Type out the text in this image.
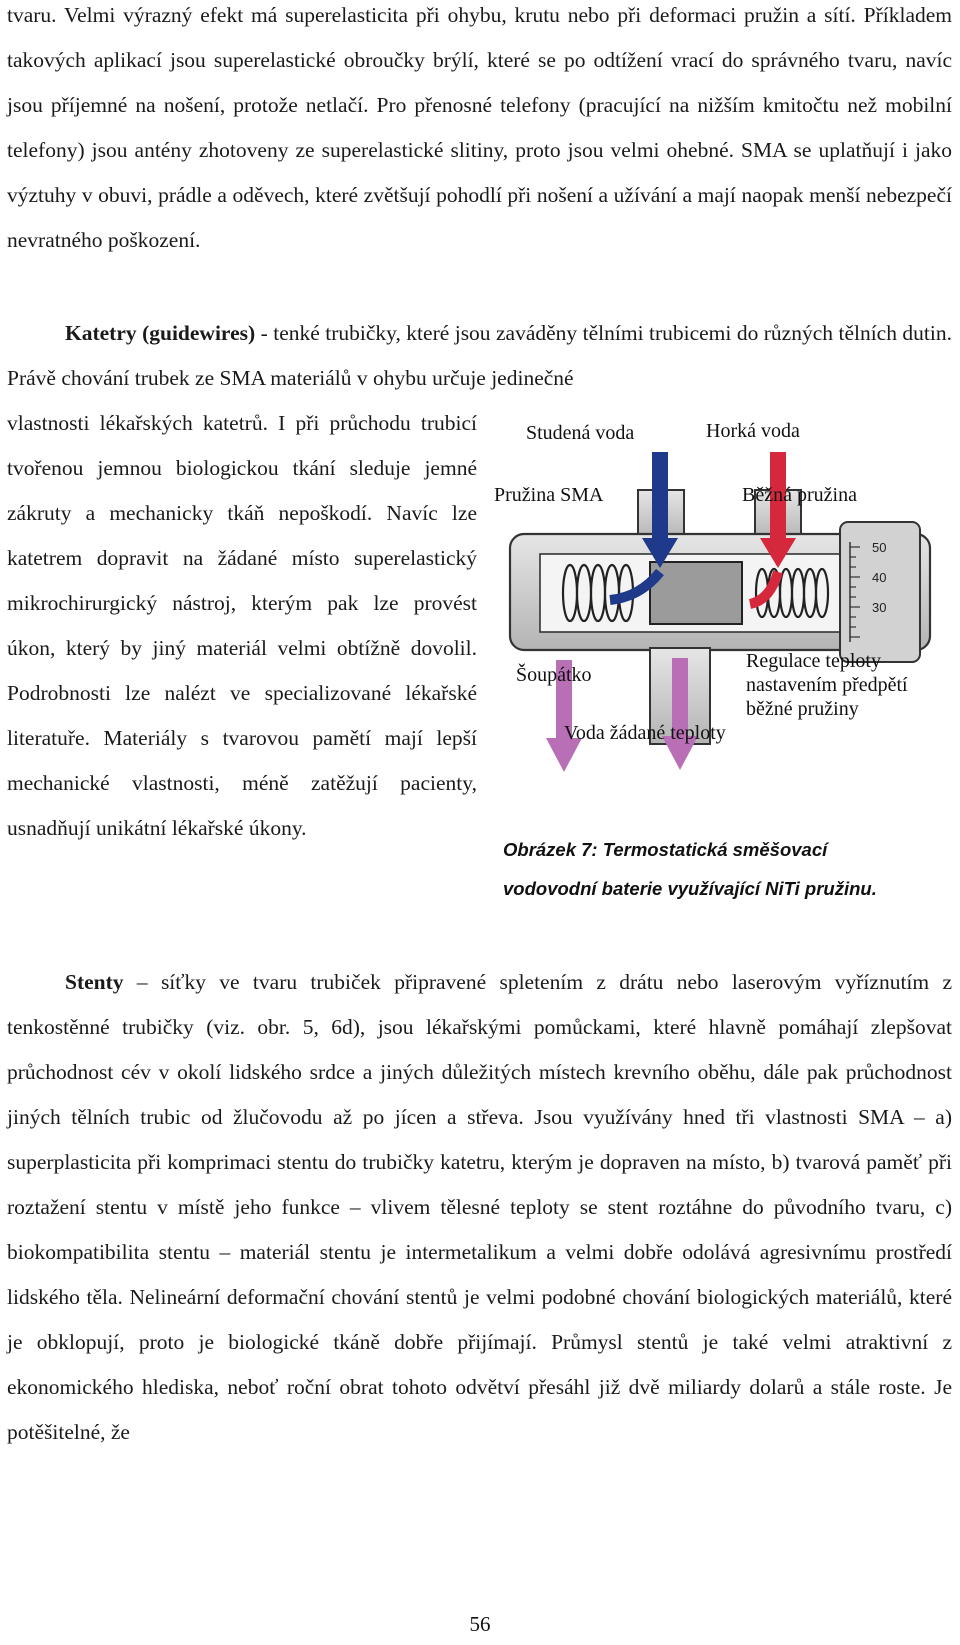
tvaru. Velmi výrazný efekt má superelasticita při ohybu, krutu nebo při deformaci pružin a sítí. Příkladem takových aplikací jsou superelastické obroučky brýlí, které se po odtížení vrací do správného tvaru, navíc jsou příjemné na nošení, protože netlačí. Pro přenosné telefony (pracující na nižším kmitočtu než mobilní telefony) jsou antény zhotoveny ze superelastické slitiny, proto jsou velmi ohebné. SMA se uplatňují i jako výztuhy v obuvi, prádle a oděvech, které zvětšují pohodlí při nošení a užívání a mají naopak menší nebezpečí nevratného poškození.

Katetry (guidewires) - tenké trubičky, které jsou zaváděny tělními trubicemi do různých tělních dutin. Právě chování trubek ze SMA materiálů v ohybu určuje jedinečné

vlastnosti lékařských katetrů. I při průchodu trubicí tvořenou jemnou biologickou tkání sleduje jemné zákruty a mechanicky tkáň nepoškodí. Navíc lze katetrem dopravit na žádané místo superelastický mikrochirurgický nástroj, kterým pak lze provést úkon, který by jiný materiál velmi obtížně dovolil. Podrobnosti lze nalézt ve specializované lékařské literatuře. Materiály s tvarovou pamětí mají lepší mechanické vlastnosti, méně zatěžují pacienty, usnadňují unikátní lékařské úkony.

50
40
30
Studená voda	Horká voda
Pružina SMA	Běžná pružina
Šoupátko
Regulace teploty
nastavením předpětí
běžné pružiny
Voda žádané teploty

Obrázek 7: Termostatická směšovací
vodovodní baterie využívající NiTi pružinu.

Stenty – síťky ve tvaru trubiček připravené spletením z drátu nebo laserovým vyříznutím z tenkostěnné trubičky (viz. obr. 5, 6d), jsou lékařskými pomůckami, které hlavně pomáhají zlepšovat průchodnost cév v okolí lidského srdce a jiných důležitých místech krevního oběhu, dále pak průchodnost jiných tělních trubic od žlučovodu až po jícen a střeva. Jsou využívány hned tři vlastnosti SMA – a) superplasticita při komprimaci stentu do trubičky katetru, kterým je dopraven na místo, b) tvarová paměť při roztažení stentu v místě jeho funkce – vlivem tělesné teploty se stent roztáhne do původního tvaru, c) biokompatibilita stentu – materiál stentu je intermetalikum a velmi dobře odolává agresivnímu prostředí lidského těla. Nelineární deformační chování stentů je velmi podobné chování biologických materiálů, které je obklopují, proto je biologické tkáně dobře přijímají. Průmysl stentů je také velmi atraktivní z ekonomického hlediska, neboť roční obrat tohoto odvětví přesáhl již dvě miliardy dolarů a stále roste. Je potěšitelné, že

56
